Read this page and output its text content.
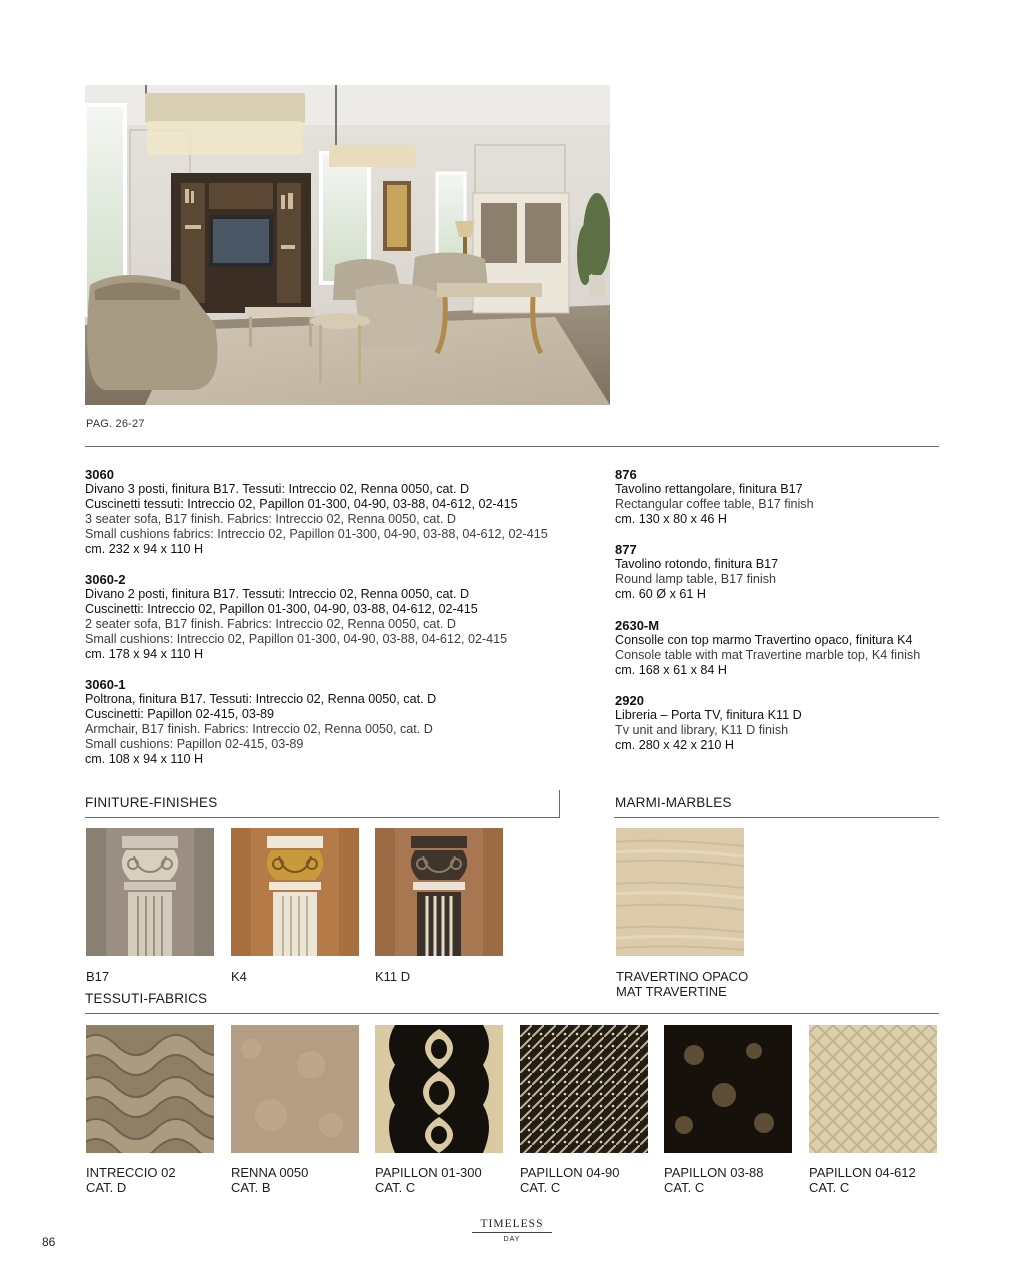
PAG. 26-27
3060
Divano 3 posti, finitura B17. Tessuti: Intreccio 02, Renna 0050, cat. D
Cuscinetti tessuti: Intreccio 02, Papillon 01-300, 04-90, 03-88, 04-612, 02-415
3 seater sofa, B17 finish. Fabrics: Intreccio 02, Renna 0050, cat. D
Small cushions fabrics: Intreccio 02, Papillon 01-300, 04-90, 03-88, 04-612, 02-415
cm. 232 x 94 x 110 H
3060-2
Divano 2 posti, finitura B17. Tessuti: Intreccio 02, Renna 0050, cat. D
Cuscinetti: Intreccio 02, Papillon 01-300, 04-90, 03-88, 04-612, 02-415
2 seater sofa, B17 finish. Fabrics: Intreccio 02, Renna 0050, cat. D
Small cushions: Intreccio 02, Papillon 01-300, 04-90, 03-88, 04-612, 02-415
cm. 178 x 94 x 110 H
3060-1
Poltrona, finitura B17. Tessuti: Intreccio 02, Renna 0050, cat. D
Cuscinetti: Papillon 02-415, 03-89
Armchair, B17 finish. Fabrics: Intreccio 02, Renna 0050, cat. D
Small cushions: Papillon 02-415, 03-89
cm. 108 x 94 x 110 H
876
Tavolino rettangolare, finitura B17
Rectangular coffee table, B17 finish
cm. 130 x 80 x 46 H
877
Tavolino rotondo, finitura B17
Round lamp table, B17 finish
cm. 60 Ø x 61 H
2630-M
Consolle con top marmo Travertino opaco, finitura K4
Console table with mat Travertine marble top, K4 finish
cm. 168 x 61 x 84 H
2920
Libreria – Porta TV, finitura K11 D
Tv unit and library, K11 D finish
cm. 280 x 42 x 210 H
FINITURE-FINISHES	MARMI-MARBLES
B17	K4	K11 D	TRAVERTINO OPACO
MAT TRAVERTINE
TESSUTI-FABRICS
INTRECCIO 02
CAT. D
RENNA 0050
CAT. B
PAPILLON 01-300
CAT. C
PAPILLON 04-90
CAT. C
PAPILLON 03-88
CAT. C
PAPILLON 04-612
CAT. C
86
TIMELESS
DAY
